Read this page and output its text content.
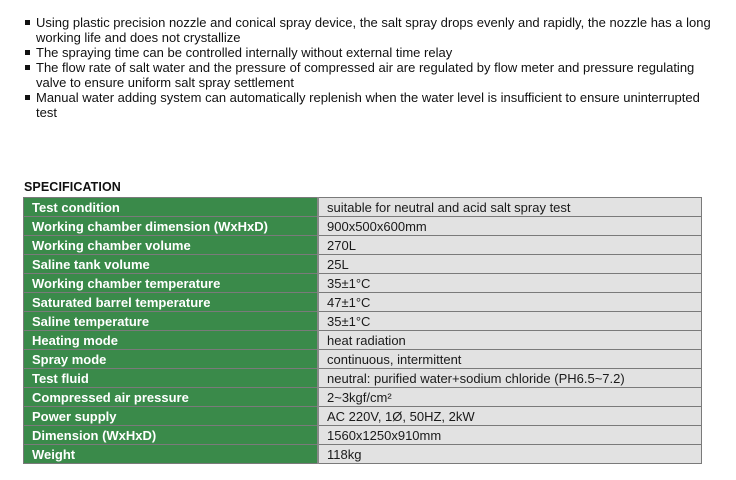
Using plastic precision nozzle and conical spray device, the salt spray drops evenly and rapidly, the nozzle has a long working life and does not crystallize
The spraying time can be controlled internally without external time relay
The flow rate of salt water and the pressure of compressed air are regulated by flow meter and pressure regulating valve to ensure uniform salt spray settlement
Manual water adding system can automatically replenish when the water level is insufficient to ensure uninterrupted test
SPECIFICATION
Test condition	suitable for neutral and acid salt spray test
Working chamber dimension (WxHxD)	900x500x600mm
Working chamber volume	270L
Saline tank volume	25L
Working chamber temperature	35±1°C
Saturated barrel temperature	47±1°C
Saline temperature	35±1°C
Heating mode	heat radiation
Spray mode	continuous, intermittent
Test fluid	neutral: purified water+sodium chloride (PH6.5~7.2)
Compressed air pressure	2~3kgf/cm²
Power supply	AC 220V, 1Ø, 50HZ, 2kW
Dimension (WxHxD)	1560x1250x910mm
Weight	118kg
